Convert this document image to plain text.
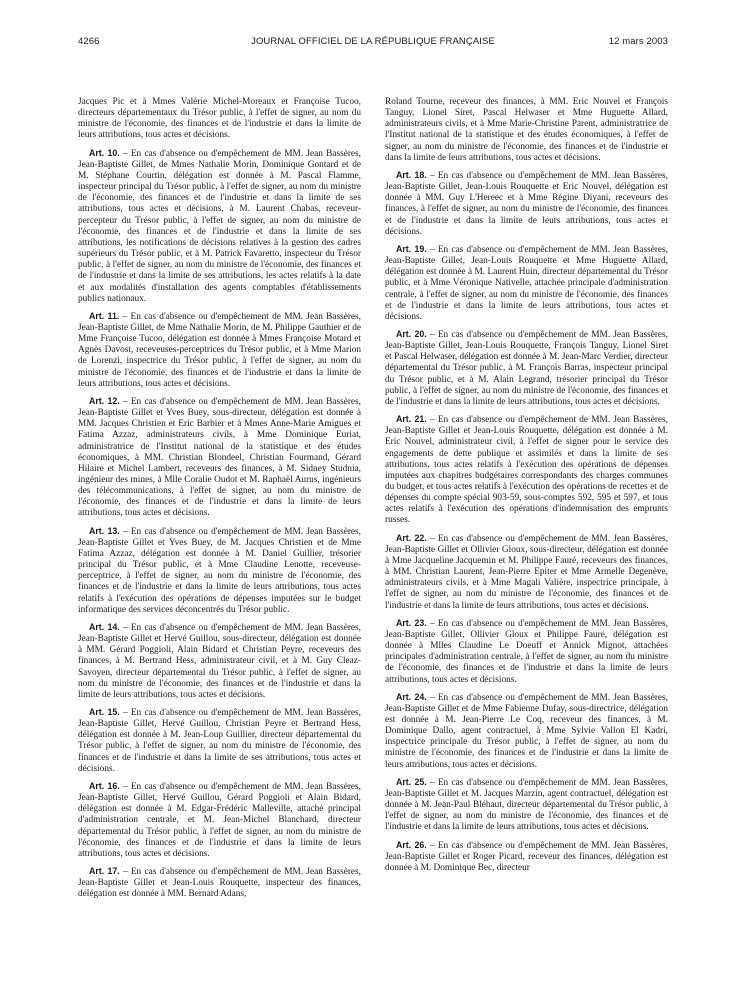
4266	JOURNAL OFFICIEL DE LA RÉPUBLIQUE FRANÇAISE	12 mars 2003

Jacques Pic et à Mmes Valérie Michel-Moreaux et Françoise Tucoo, directeurs départementaux du Trésor public, à l'effet de signer, au nom du ministre de l'économie, des finances et de l'industrie et dans la limite de leurs attributions, tous actes et décisions.

Art. 10. – En cas d'absence ou d'empêchement de MM. Jean Bassères, Jean-Baptiste Gillet, de Mmes Nathalie Morin, Dominique Gontard et de M. Stéphane Courtin, délégation est donnée à M. Pascal Flamme, inspecteur principal du Trésor public, à l'effet de signer, au nom du ministre de l'économie, des finances et de l'industrie et dans la limite de ses attributions, tous actes et décisions, à M. Laurent Chabas, receveur-percepteur du Trésor public, à l'effet de signer, au nom du ministre de l'économie, des finances et de l'industrie et dans la limite de ses attributions, les notifications de décisions relatives à la gestion des cadres supérieurs du Trésor public, et à M. Patrick Favaretto, inspecteur du Trésor public, à l'effet de signer, au nom du ministre de l'économie, des finances et de l'industrie et dans la limite de ses attributions, les actes relatifs à la date et aux modalités d'installation des agents comptables d'établissements publics nationaux.

Art. 11. – En cas d'absence ou d'empêchement de MM. Jean Bassères, Jean-Baptiste Gillet, de Mme Nathalie Morin, de M. Philippe Gauthier et de Mme Françoise Tucoo, délégation est donnée à Mmes Françoise Motard et Agnès Davost, receveuses-perceptrices du Trésor public, et à Mme Marion de Lorenzi, inspectrice du Trésor public, à l'effet de signer, au nom du ministre de l'économie, des finances et de l'industrie et dans la limite de leurs attributions, tous actes et décisions.

Art. 12. – En cas d'absence ou d'empêchement de MM. Jean Bassères, Jean-Baptiste Gillet et Yves Buey, sous-directeur, délégation est donnée à MM. Jacques Christien et Eric Barbier et à Mmes Anne-Marie Amigues et Fatima Azzaz, administrateurs civils, à Mme Dominique Euriat, administratrice de l'Institut national de la statistique et des études économiques, à MM. Christian Blondeel, Christian Fourmand, Gérard Hilaire et Michel Lambert, receveurs des finances, à M. Sidney Studnia, ingénieur des mines, à Mlle Coralie Oudot et M. Raphaël Aurus, ingénieurs des télécommunications, à l'effet de signer, au nom du ministre de l'économie, des finances et de l'industrie et dans la limite de leurs attributions, tous actes et décisions.

Art. 13. – En cas d'absence ou d'empêchement de MM. Jean Bassères, Jean-Baptiste Gillet et Yves Buey, de M. Jacques Christien et de Mme Fatima Azzaz, délégation est donnée à M. Daniel Guillier, trésorier principal du Trésor public, et à Mme Claudine Lenotte, receveuse-perceptrice, à l'effet de signer, au nom du ministre de l'économie, des finances et de l'industrie et dans la limite de leurs attributions, tous actes relatifs à l'exécution des opérations de dépenses imputées sur le budget informatique des services déconcentrés du Trésor public.

Art. 14. – En cas d'absence ou d'empêchement de MM. Jean Bassères, Jean-Baptiste Gillet et Hervé Guillou, sous-directeur, délégation est donnée à MM. Gérard Poggioli, Alain Bidard et Christian Peyre, receveurs des finances, à M. Bertrand Hess, administrateur civil, et à M. Guy Cleaz-Savoyen, directeur départemental du Trésor public, à l'effet de signer, au nom du ministre de l'économie, des finances et de l'industrie et dans la limite de leurs attributions, tous actes et décisions.

Art. 15. – En cas d'absence ou d'empêchement de MM. Jean Bassères, Jean-Baptiste Gillet, Hervé Guillou, Christian Peyre et Bertrand Hess, délégation est donnée à M. Jean-Loup Guillier, directeur départemental du Trésor public, à l'effet de signer, au nom du ministre de l'économie, des finances et de l'industrie et dans la limite de ses attributions, tous actes et décisions.

Art. 16. – En cas d'absence ou d'empêchement de MM. Jean Bassères, Jean-Baptiste Gillet, Hervé Guillou, Gérard Poggioli et Alain Bidard, délégation est donnée à M. Edgar-Frédéric Malleville, attaché principal d'administration centrale, et M. Jean-Michel Blanchard, directeur départemental du Trésor public, à l'effet de signer, au nom du ministre de l'économie, des finances et de l'industrie et dans la limite de leurs attributions, tous actes et décisions.

Art. 17. – En cas d'absence ou d'empêchement de MM. Jean Bassères, Jean-Baptiste Gillet et Jean-Louis Rouquette, inspecteur des finances, délégation est donnée à MM. Bernard Adans,

Roland Tourne, receveur des finances, à MM. Eric Nouvel et François Tanguy, Lionel Siret, Pascal Helwaser et Mme Huguette Allard, administrateurs civils, et à Mme Marie-Christine Parent, administratrice de l'Institut national de la statistique et des études économiques, à l'effet de signer, au nom du ministre de l'économie, des finances et de l'industrie et dans la limite de leurs attributions, tous actes et décisions.

Art. 18. – En cas d'absence ou d'empêchement de MM. Jean Bassères, Jean-Baptiste Gillet, Jean-Louis Rouquette et Eric Nouvel, délégation est donnée à MM. Guy L'Hereec et à Mme Régine Diyani, receveurs des finances, à l'effet de signer, au nom du ministre de l'économie, des finances et de l'industrie et dans la limite de leurs attributions, tous actes et décisions.

Art. 19. – En cas d'absence ou d'empêchement de MM. Jean Bassères, Jean-Baptiste Gillet, Jean-Louis Rouquette et Mme Huguette Allard, délégation est donnée à M. Laurent Huin, directeur départemental du Trésor public, et à Mme Véronique Nativelle, attachée principale d'administration centrale, à l'effet de signer, au nom du ministre de l'économie, des finances et de l'industrie et dans la limite de leurs attributions, tous actes et décisions.

Art. 20. – En cas d'absence ou d'empêchement de MM. Jean Bassères, Jean-Baptiste Gillet, Jean-Louis Rouquette, François Tanguy, Lionel Siret et Pascal Helwaser, délégation est donnée à M. Jean-Marc Verdier, directeur départemental du Trésor public, à M. François Barras, inspecteur principal du Trésor public, et à M. Alain Legrand, trésorier principal du Trésor public, à l'effet de signer, au nom du ministre de l'économie, des finances et de l'industrie et dans la limite de leurs attributions, tous actes et décisions.

Art. 21. – En cas d'absence ou d'empêchement de MM. Jean Bassères, Jean-Baptiste Gillet et Jean-Louis Rouquette, délégation est donnée à M. Eric Nouvel, administrateur civil, à l'effet de signer pour le service des engagements de dette publique et assimilés et dans la limite de ses attributions, tous actes relatifs à l'exécution des opérations de dépenses imputées aux chapitres budgétaires correspondants des charges communes du budget, et tous actes relatifs à l'exécution des opérations de recettes et de dépenses du compte spécial 903-59, sous-comptes 592, 595 et 597, et tous actes relatifs à l'exécution des opérations d'indemnisation des emprunts russes.

Art. 22. – En cas d'absence ou d'empêchement de MM. Jean Bassères, Jean-Baptiste Gillet et Ollivier Gloux, sous-directeur, délégation est donnée à Mme Jacqueline Jacquemin et M. Philippe Fauré, receveurs des finances, à MM. Christian Laurent, Jean-Pierre Epiter et Mme Armelle Degenève, administrateurs civils, et à Mme Magali Valière, inspectrice principale, à l'effet de signer, au nom du ministre de l'économie, des finances et de l'industrie et dans la limite de leurs attributions, tous actes et décisions.

Art. 23. – En cas d'absence ou d'empêchement de MM. Jean Bassères, Jean-Baptiste Gillet, Ollivier Gloux et Philippe Fauré, délégation est donnée à Mlles Claudine Le Doeuff et Annick Mignot, attachées principales d'administration centrale, à l'effet de signer, au nom du ministre de l'économie, des finances et de l'industrie et dans la limite de leurs attributions, tous actes et décisions.

Art. 24. – En cas d'absence ou d'empêchement de MM. Jean Bassères, Jean-Baptiste Gillet et de Mme Fabienne Dufay, sous-directrice, délégation est donnée à M. Jean-Pierre Le Coq, receveur des finances, à M. Dominique Dallo, agent contractuel, à Mme Sylvie Vallon El Kadri, inspectrice principale du Trésor public, à l'effet de signer, au nom du ministre de l'économie, des finances et de l'industrie et dans la limite de leurs attributions, tous actes et décisions.

Art. 25. – En cas d'absence ou d'empêchement de MM. Jean Bassères, Jean-Baptiste Gillet et M. Jacques Marzin, agent contractuel, délégation est donnée à M. Jean-Paul Bléhaut, directeur départemental du Trésor public, à l'effet de signer, au nom du ministre de l'économie, des finances et de l'industrie et dans la limite de leurs attributions, tous actes et décisions.

Art. 26. – En cas d'absence ou d'empêchement de MM. Jean Bassères, Jean-Baptiste Gillet et Roger Picard, receveur des finances, délégation est donnée à M. Dominique Bec, directeur
